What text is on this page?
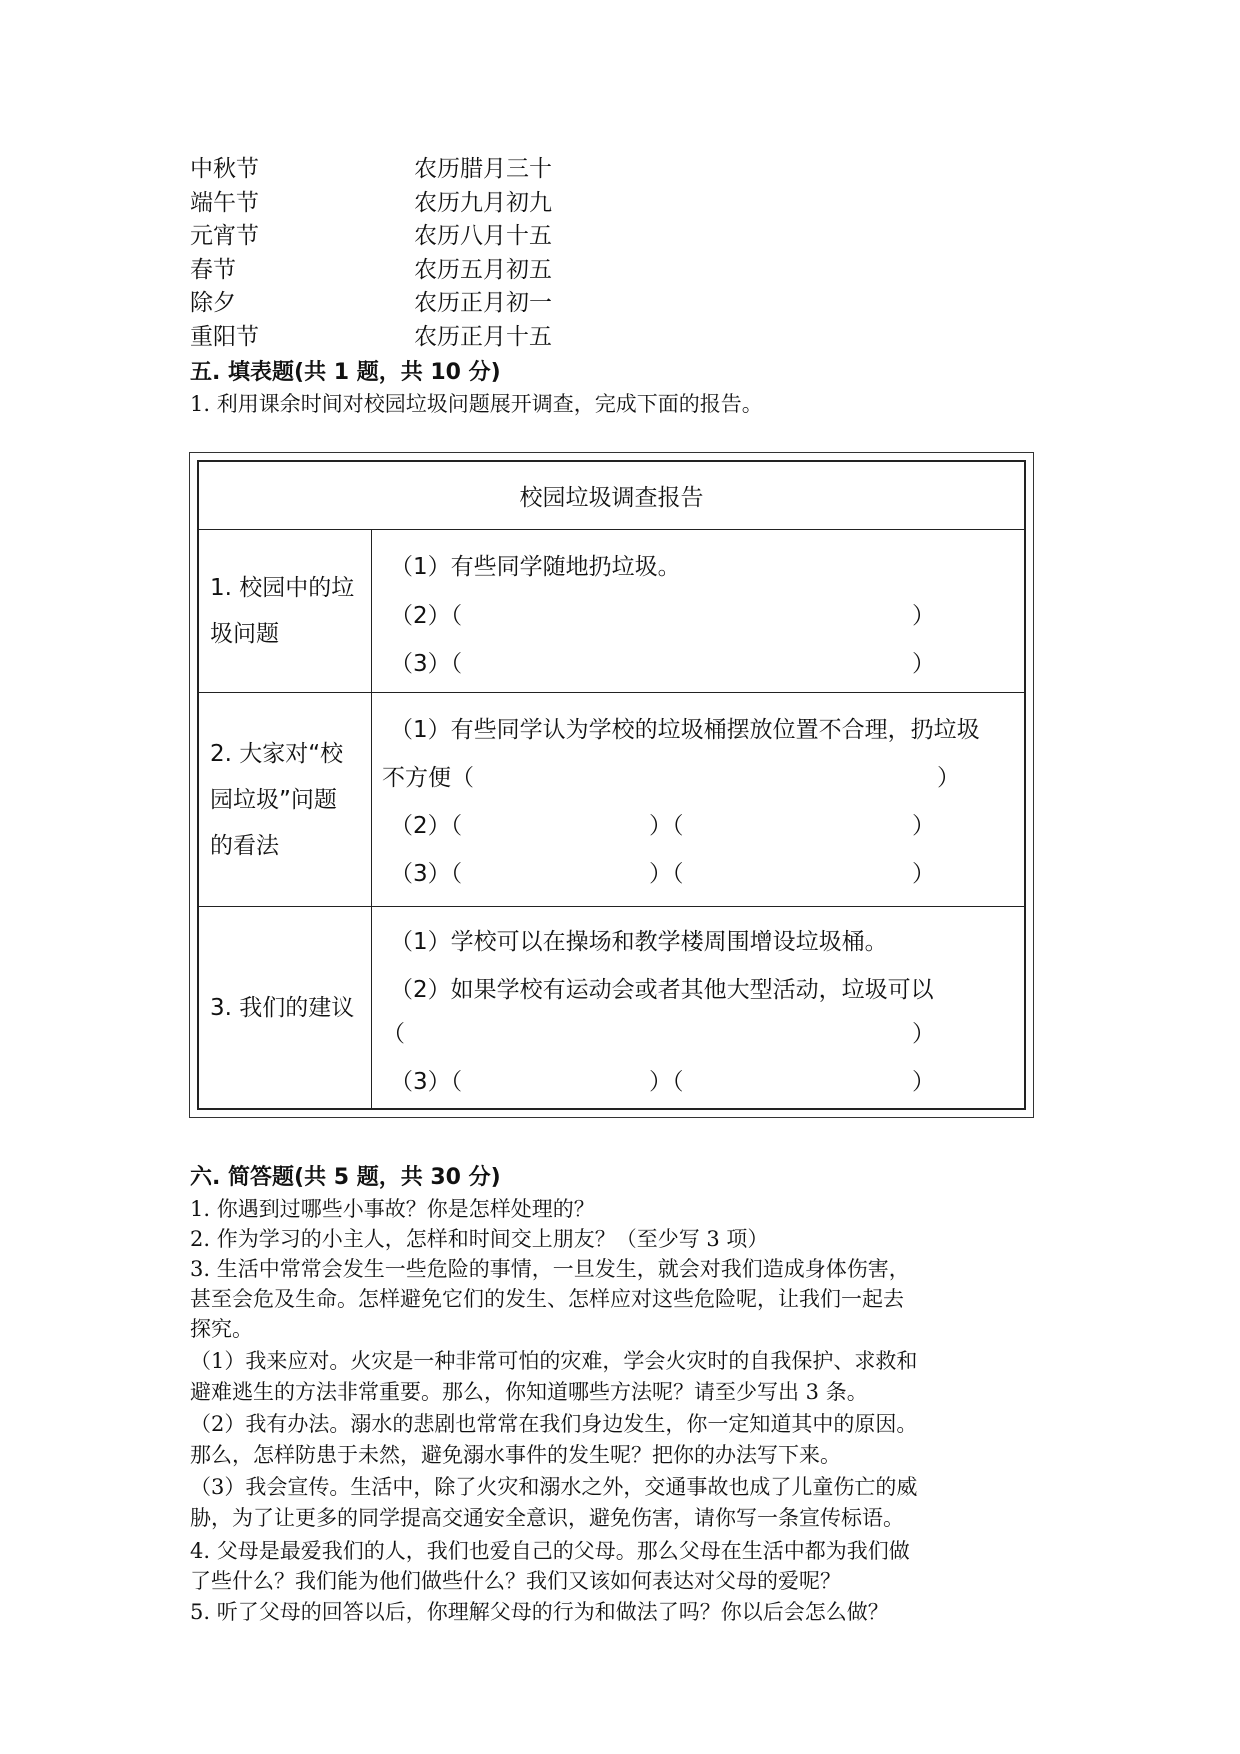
中秋节	农历腊月三十
端午节	农历九月初九
元宵节	农历八月十五
春节	农历五月初五
除夕	农历正月初一
重阳节	农历正月十五
五. 填表题(共 1 题，共 10 分)
1. 利用课余时间对校园垃圾问题展开调查，完成下面的报告。
校园垃圾调查报告
1. 校园中的垃
圾问题
（1）有些同学随地扔垃圾。
（2）（	）
（3）（	）
2. 大家对“校
园垃圾”问题
的看法
（1）有些同学认为学校的垃圾桶摆放位置不合理，扔垃圾
不方便（	）
（2）（	）（	）
（3）（	）（	）
3. 我们的建议
（1）学校可以在操场和教学楼周围增设垃圾桶。
（2）如果学校有运动会或者其他大型活动，垃圾可以
（	）
（3）（	）（	）
六. 简答题(共 5 题，共 30 分)
1. 你遇到过哪些小事故？你是怎样处理的？
2. 作为学习的小主人，怎样和时间交上朋友？（至少写 3 项）
3. 生活中常常会发生一些危险的事情，一旦发生，就会对我们造成身体伤害，
甚至会危及生命。怎样避免它们的发生、怎样应对这些危险呢，让我们一起去
探究。
（1）我来应对。火灾是一种非常可怕的灾难，学会火灾时的自我保护、求救和
避难逃生的方法非常重要。那么，你知道哪些方法呢？请至少写出 3 条。
（2）我有办法。溺水的悲剧也常常在我们身边发生，你一定知道其中的原因。
那么，怎样防患于未然，避免溺水事件的发生呢？把你的办法写下来。
（3）我会宣传。生活中，除了火灾和溺水之外，交通事故也成了儿童伤亡的威
胁，为了让更多的同学提高交通安全意识，避免伤害，请你写一条宣传标语。
4. 父母是最爱我们的人，我们也爱自己的父母。那么父母在生活中都为我们做
了些什么？我们能为他们做些什么？我们又该如何表达对父母的爱呢？
5. 听了父母的回答以后，你理解父母的行为和做法了吗？你以后会怎么做？
